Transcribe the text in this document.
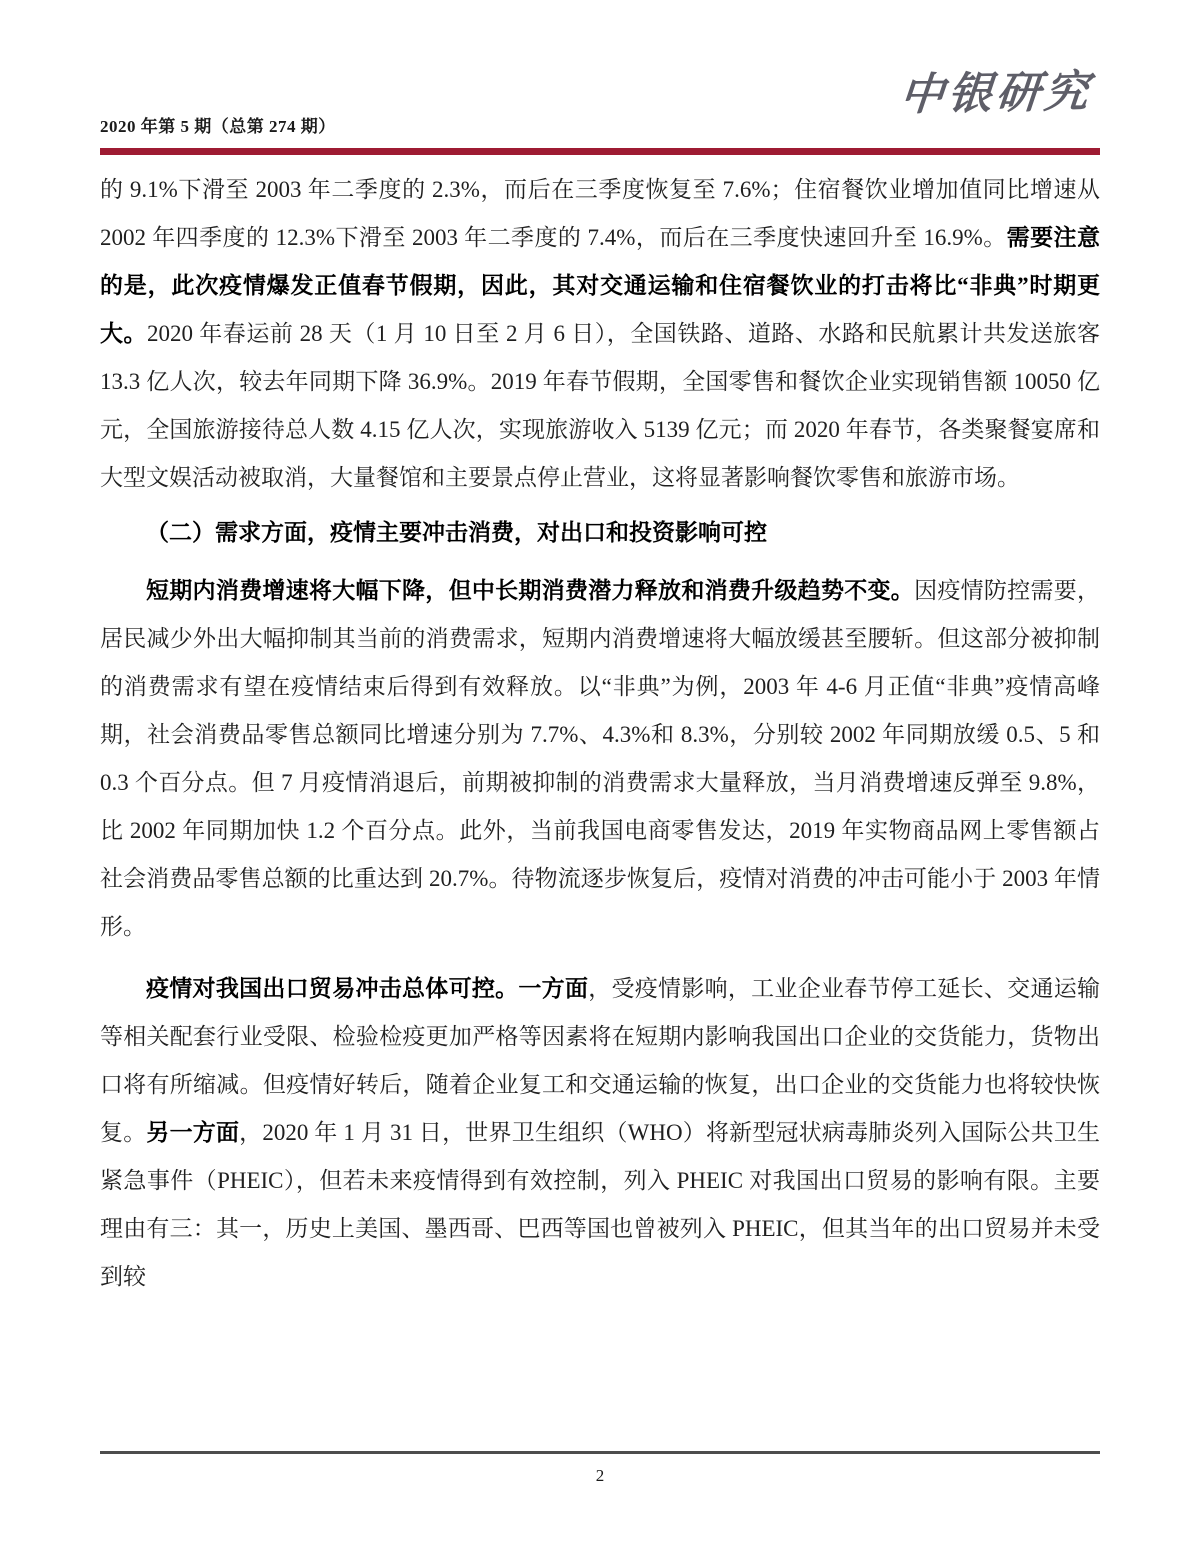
2020 年第 5 期（总第 274 期）
中银研究

的 9.1%下滑至 2003 年二季度的 2.3%，而后在三季度恢复至 7.6%；住宿餐饮业增加值同比增速从 2002 年四季度的 12.3%下滑至 2003 年二季度的 7.4%，而后在三季度快速回升至 16.9%。需要注意的是，此次疫情爆发正值春节假期，因此，其对交通运输和住宿餐饮业的打击将比“非典”时期更大。2020 年春运前 28 天（1 月 10 日至 2 月 6 日），全国铁路、道路、水路和民航累计共发送旅客 13.3 亿人次，较去年同期下降 36.9%。2019 年春节假期，全国零售和餐饮企业实现销售额 10050 亿元，全国旅游接待总人数 4.15 亿人次，实现旅游收入 5139 亿元；而 2020 年春节，各类聚餐宴席和大型文娱活动被取消，大量餐馆和主要景点停止营业，这将显著影响餐饮零售和旅游市场。

（二）需求方面，疫情主要冲击消费，对出口和投资影响可控

短期内消费增速将大幅下降，但中长期消费潜力释放和消费升级趋势不变。因疫情防控需要，居民减少外出大幅抑制其当前的消费需求，短期内消费增速将大幅放缓甚至腰斩。但这部分被抑制的消费需求有望在疫情结束后得到有效释放。以“非典”为例，2003 年 4-6 月正值“非典”疫情高峰期，社会消费品零售总额同比增速分别为 7.7%、4.3%和 8.3%，分别较 2002 年同期放缓 0.5、5 和 0.3 个百分点。但 7 月疫情消退后，前期被抑制的消费需求大量释放，当月消费增速反弹至 9.8%，比 2002 年同期加快 1.2 个百分点。此外，当前我国电商零售发达，2019 年实物商品网上零售额占社会消费品零售总额的比重达到 20.7%。待物流逐步恢复后，疫情对消费的冲击可能小于 2003 年情形。

疫情对我国出口贸易冲击总体可控。一方面，受疫情影响，工业企业春节停工延长、交通运输等相关配套行业受限、检验检疫更加严格等因素将在短期内影响我国出口企业的交货能力，货物出口将有所缩减。但疫情好转后，随着企业复工和交通运输的恢复，出口企业的交货能力也将较快恢复。另一方面，2020 年 1 月 31 日，世界卫生组织（WHO）将新型冠状病毒肺炎列入国际公共卫生紧急事件（PHEIC），但若未来疫情得到有效控制，列入 PHEIC 对我国出口贸易的影响有限。主要理由有三：其一，历史上美国、墨西哥、巴西等国也曾被列入 PHEIC，但其当年的出口贸易并未受到较

2
